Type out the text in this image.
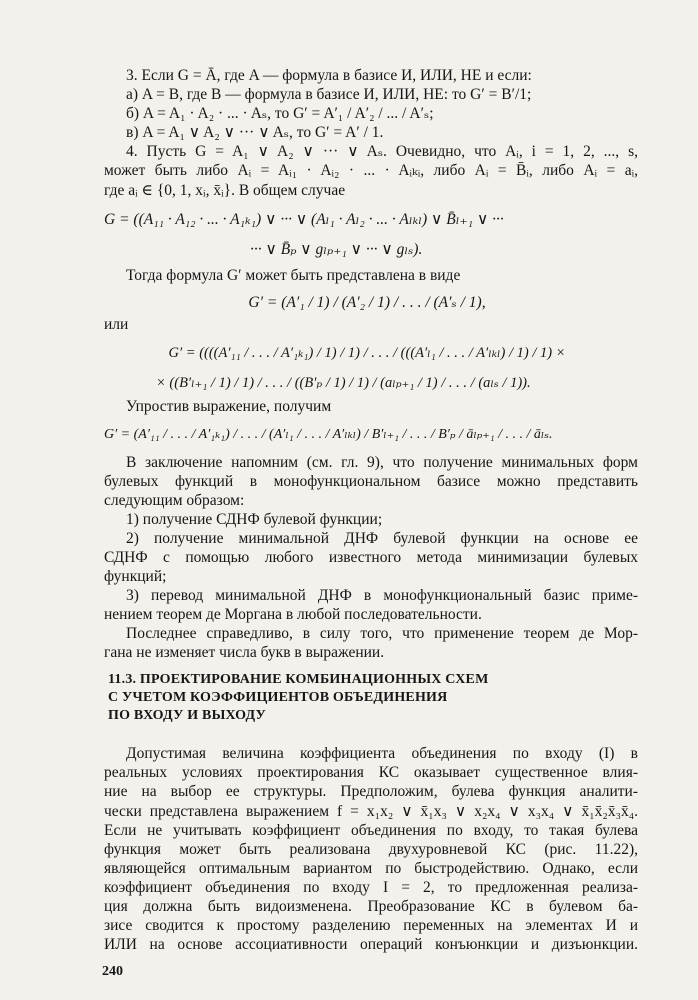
3. Если G = Ā, где A — формула в базисе И, ИЛИ, НЕ и если:
а) A = B, где B — формула в базисе И, ИЛИ, НЕ: то G′ = B′/1;
б) A = A₁ · A₂ · ... · Aₛ, то G′ = A′₁ / A′₂ / ... / A′ₛ;
в) A = A₁ ∨ A₂ ∨ ··· ∨ Aₛ, то G′ = A′ / 1.
4. Пусть G = A₁ ∨ A₂ ∨ ··· ∨ Aₛ. Очевидно, что Aᵢ, i = 1, 2, ..., s,
может быть либо Aᵢ = Aᵢ₁ · Aᵢ₂ · ... · Aᵢₖᵢ, либо Aᵢ = B̄ᵢ, либо Aᵢ = aᵢ,
где aᵢ ∈ {0, 1, xᵢ, x̄ᵢ}. В общем случае
G = ((A₁₁ · A₁₂ · ... · A₁ₖ₁) ∨ ··· ∨ (Aₗ₁ · Aₗ₂ · ... · Aₗₖₗ) ∨ B̄ₗ₊₁ ∨ ···
··· ∨ B̄ₚ ∨ gₗₚ₊₁ ∨ ··· ∨ gₗₛ).
Тогда формула G′ может быть представлена в виде
G′ = (A′₁ / 1) / (A′₂ / 1) / . . . / (A′ₛ / 1),
или
G′ = ((((A′₁₁ / . . . / A′₁ₖ₁) / 1) / 1) / . . . / (((A′ₗ₁ / . . . / A′ₗₖₗ) / 1) / 1) ×
× ((B′ₗ₊₁ / 1) / 1) / . . . / ((B′ₚ / 1) / 1) / (aₗₚ₊₁ / 1) / . . . / (aₗₛ / 1)).
Упростив выражение, получим
G′ = (A′₁₁ / . . . / A′₁ₖ₁) / . . . / (A′ₗ₁ / . . . / A′ₗₖₗ) / B′ₗ₊₁ / . . . / B′ₚ / āₗₚ₊₁ / . . . / āₗₛ.
В заключение напомним (см. гл. 9), что получение минимальных форм
булевых функций в монофункциональном базисе можно представить
следующим образом:
1) получение СДНФ булевой функции;
2) получение минимальной ДНФ булевой функции на основе ее
СДНФ с помощью любого известного метода минимизации булевых
функций;
3) перевод минимальной ДНФ в монофункциональный базис приме-
нением теорем де Моргана в любой последовательности.
Последнее справедливо, в силу того, что применение теорем де Мор-
гана не изменяет числа букв в выражении.
11.3. ПРОЕКТИРОВАНИЕ КОМБИНАЦИОННЫХ СХЕМ
С УЧЕТОМ КОЭФФИЦИЕНТОВ ОБЪЕДИНЕНИЯ
ПО ВХОДУ И ВЫХОДУ
Допустимая величина коэффициента объединения по входу (I) в
реальных условиях проектирования КС оказывает существенное влия-
ние на выбор ее структуры. Предположим, булева функция аналити-
чески представлена выражением f = x₁x₂ ∨ x̄₁x₃ ∨ x₂x₄ ∨ x₃x₄ ∨ x̄₁x̄₂x̄₃x̄₄.
Если не учитывать коэффициент объединения по входу, то такая булева
функция может быть реализована двухуровневой КС (рис. 11.22),
являющейся оптимальным вариантом по быстродействию. Однако, если
коэффициент объединения по входу I = 2, то предложенная реализа-
ция должна быть видоизменена. Преобразование КС в булевом ба-
зисе сводится к простому разделению переменных на элементах И и
ИЛИ на основе ассоциативности операций конъюнкции и дизъюнкции.
240
